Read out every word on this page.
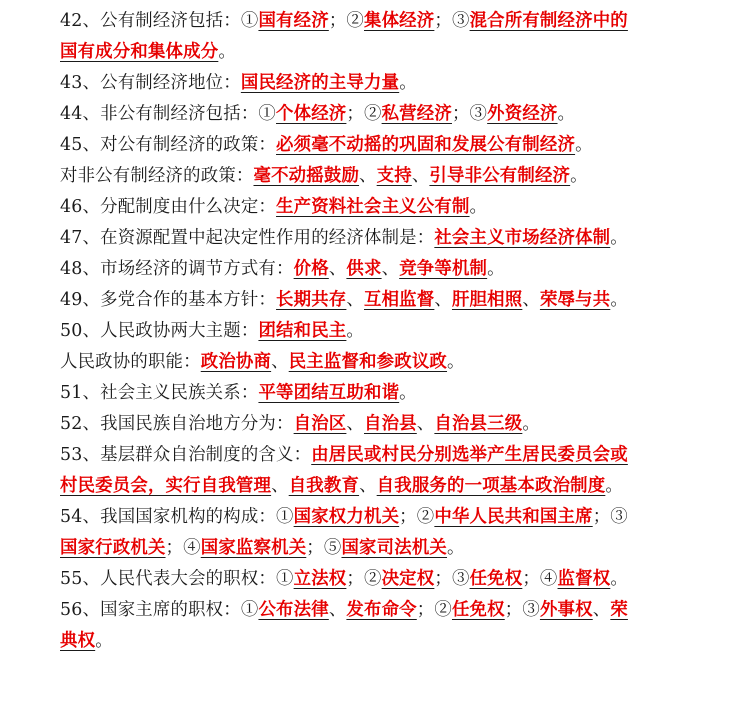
42、公有制经济包括：①国有经济；②集体经济；③混合所有制经济中的
国有成分和集体成分。
43、公有制经济地位：国民经济的主导力量。
44、非公有制经济包括：①个体经济；②私营经济；③外资经济。
45、对公有制经济的政策：必须毫不动摇的巩固和发展公有制经济。
对非公有制经济的政策：毫不动摇鼓励、支持、引导非公有制经济。
46、分配制度由什么决定：生产资料社会主义公有制。
47、在资源配置中起决定性作用的经济体制是：社会主义市场经济体制。
48、市场经济的调节方式有：价格、供求、竞争等机制。
49、多党合作的基本方针：长期共存、互相监督、肝胆相照、荣辱与共。
50、人民政协两大主题：团结和民主。
人民政协的职能：政治协商、民主监督和参政议政。
51、社会主义民族关系：平等团结互助和谐。
52、我国民族自治地方分为：自治区、自治县、自治县三级。
53、基层群众自治制度的含义：由居民或村民分别选举产生居民委员会或
村民委员会，实行自我管理、自我教育、自我服务的一项基本政治制度。
54、我国国家机构的构成：①国家权力机关；②中华人民共和国主席；③
国家行政机关；④国家监察机关；⑤国家司法机关。
55、人民代表大会的职权：①立法权；②决定权；③任免权；④监督权。
56、国家主席的职权：①公布法律、发布命令；②任免权；③外事权、荣
典权。
